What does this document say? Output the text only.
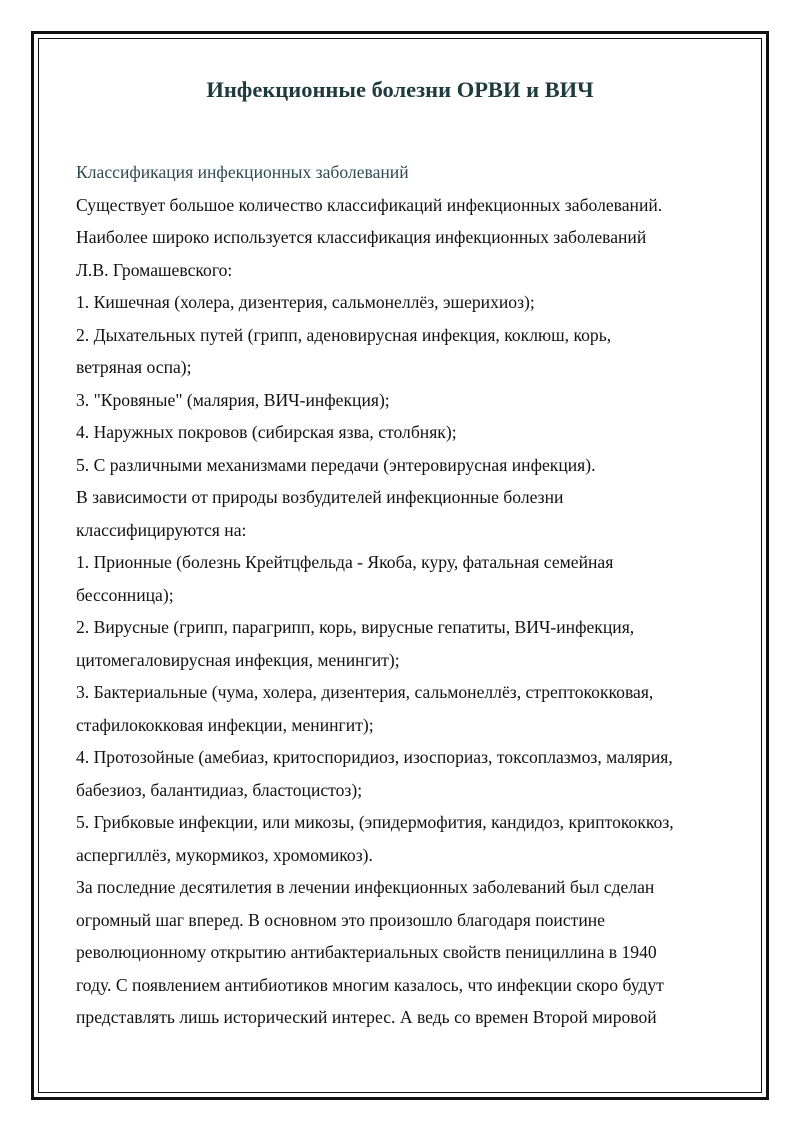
Инфекционные болезни ОРВИ и ВИЧ
Классификация инфекционных заболеваний
Существует большое количество классификаций инфекционных заболеваний.
Наиболее широко используется классификация инфекционных заболеваний
Л.В. Громашевского:
1. Кишечная (холера, дизентерия, сальмонеллёз, эшерихиоз);
2. Дыхательных путей (грипп, аденовирусная инфекция, коклюш, корь,
ветряная оспа);
3. "Кровяные" (малярия, ВИЧ-инфекция);
4. Наружных покровов (сибирская язва, столбняк);
5. С различными механизмами передачи (энтеровирусная инфекция).
В зависимости от природы возбудителей инфекционные болезни
классифицируются на:
1. Прионные (болезнь Крейтцфельда - Якоба, куру, фатальная семейная
бессонница);
2. Вирусные (грипп, парагрипп, корь, вирусные гепатиты, ВИЧ-инфекция,
цитомегаловирусная инфекция, менингит);
3. Бактериальные (чума, холера, дизентерия, сальмонеллёз, стрептококковая,
стафилококковая инфекции, менингит);
4. Протозойные (амебиаз, критоспоридиоз, изоспориаз, токсоплазмоз, малярия,
бабезиоз, балантидиаз, бластоцистоз);
5. Грибковые инфекции, или микозы, (эпидермофития, кандидоз, криптококкоз,
аспергиллёз, мукормикоз, хромомикоз).
За последние десятилетия в лечении инфекционных заболеваний был сделан
огромный шаг вперед. В основном это произошло благодаря поистине
революционному открытию антибактериальных свойств пенициллина в 1940
году. С появлением антибиотиков многим казалось, что инфекции скоро будут
представлять лишь исторический интерес. А ведь со времен Второй мировой
